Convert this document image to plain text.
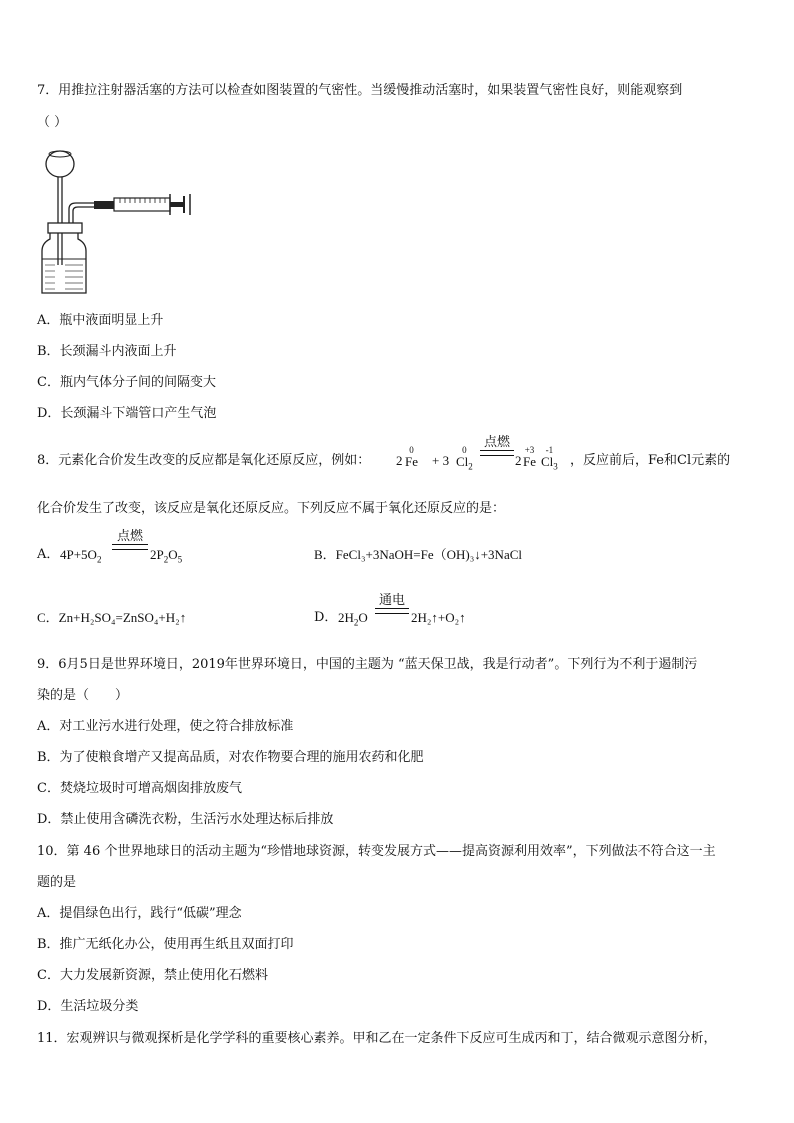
7．用推拉注射器活塞的方法可以检查如图装置的气密性。当缓慢推动活塞时，如果装置气密性良好，则能观察到
（ ）
A．瓶中液面明显上升
B．长颈漏斗内液面上升
C．瓶内气体分子间的间隔变大
D．长颈漏斗下端管口产生气泡
8．元素化合价发生改变的反应都是氧化还原反应，例如： 2
0
Fe + 3
0
$Cl_2$
点燃
2
+3
Fe
-1
$Cl_3$ ，反应前后，Fe和Cl元素的
化合价发生了改变，该反应是氧化还原反应。下列反应不属于氧化还原反应的是：
A． $4P+5O_2$
点燃
$2P_2O_5$	B．FeCl₃+3NaOH=Fe（OH)₃↓+3NaCl
C．Zn+H₂SO₄=ZnSO₄+H₂↑	D． $2H_2O$
通电
2H₂↑+O₂↑
9．6月5日是世界环境日，2019年世界环境日，中国的主题为 “蓝天保卫战，我是行动者”。下列行为不利于遏制污
染的是（　　）
A．对工业污水进行处理，使之符合排放标准
B．为了使粮食增产又提高品质，对农作物要合理的施用农药和化肥
C．焚烧垃圾时可增高烟囱排放废气
D．禁止使用含磷洗衣粉，生活污水处理达标后排放
10．第 46 个世界地球日的活动主题为“珍惜地球资源，转变发展方式——提高资源利用效率”，下列做法不符合这一主
题的是
A．提倡绿色出行，践行“低碳”理念
B．推广无纸化办公，使用再生纸且双面打印
C．大力发展新资源，禁止使用化石燃料
D．生活垃圾分类
11．宏观辨识与微观探析是化学学科的重要核心素养。甲和乙在一定条件下反应可生成丙和丁，结合微观示意图分析，
